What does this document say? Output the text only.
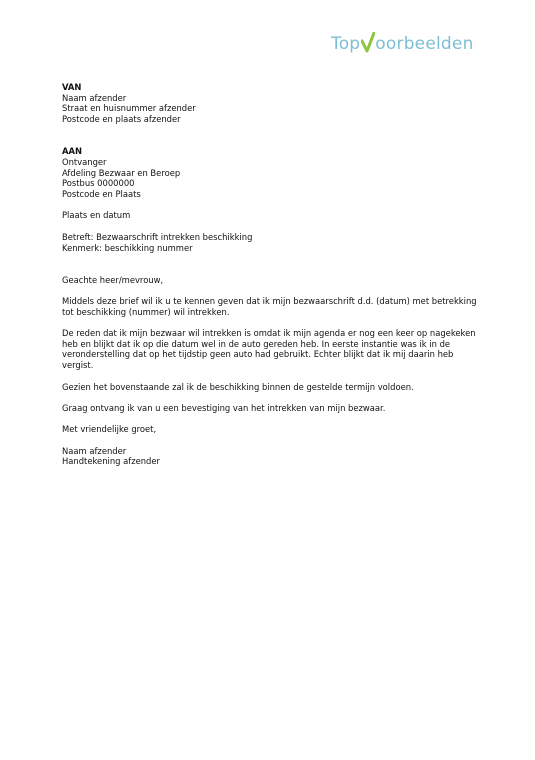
Top oorbeelden
VAN
Naam afzender
Straat en huisnummer afzender
Postcode en plaats afzender
AAN
Ontvanger
Afdeling Bezwaar en Beroep
Postbus 0000000
Postcode en Plaats
Plaats en datum
Betreft: Bezwaarschrift intrekken beschikking
Kenmerk: beschikking nummer
Geachte heer/mevrouw,
Middels deze brief wil ik u te kennen geven dat ik mijn bezwaarschrift d.d. (datum) met betrekking tot beschikking (nummer) wil intrekken.
De reden dat ik mijn bezwaar wil intrekken is omdat ik mijn agenda er nog een keer op nagekeken heb en blijkt dat ik op die datum wel in de auto gereden heb. In eerste instantie was ik in de veronderstelling dat op het tijdstip geen auto had gebruikt. Echter blijkt dat ik mij daarin heb vergist.
Gezien het bovenstaande zal ik de beschikking binnen de gestelde termijn voldoen.
Graag ontvang ik van u een bevestiging van het intrekken van mijn bezwaar.
Met vriendelijke groet,
Naam afzender
Handtekening afzender
